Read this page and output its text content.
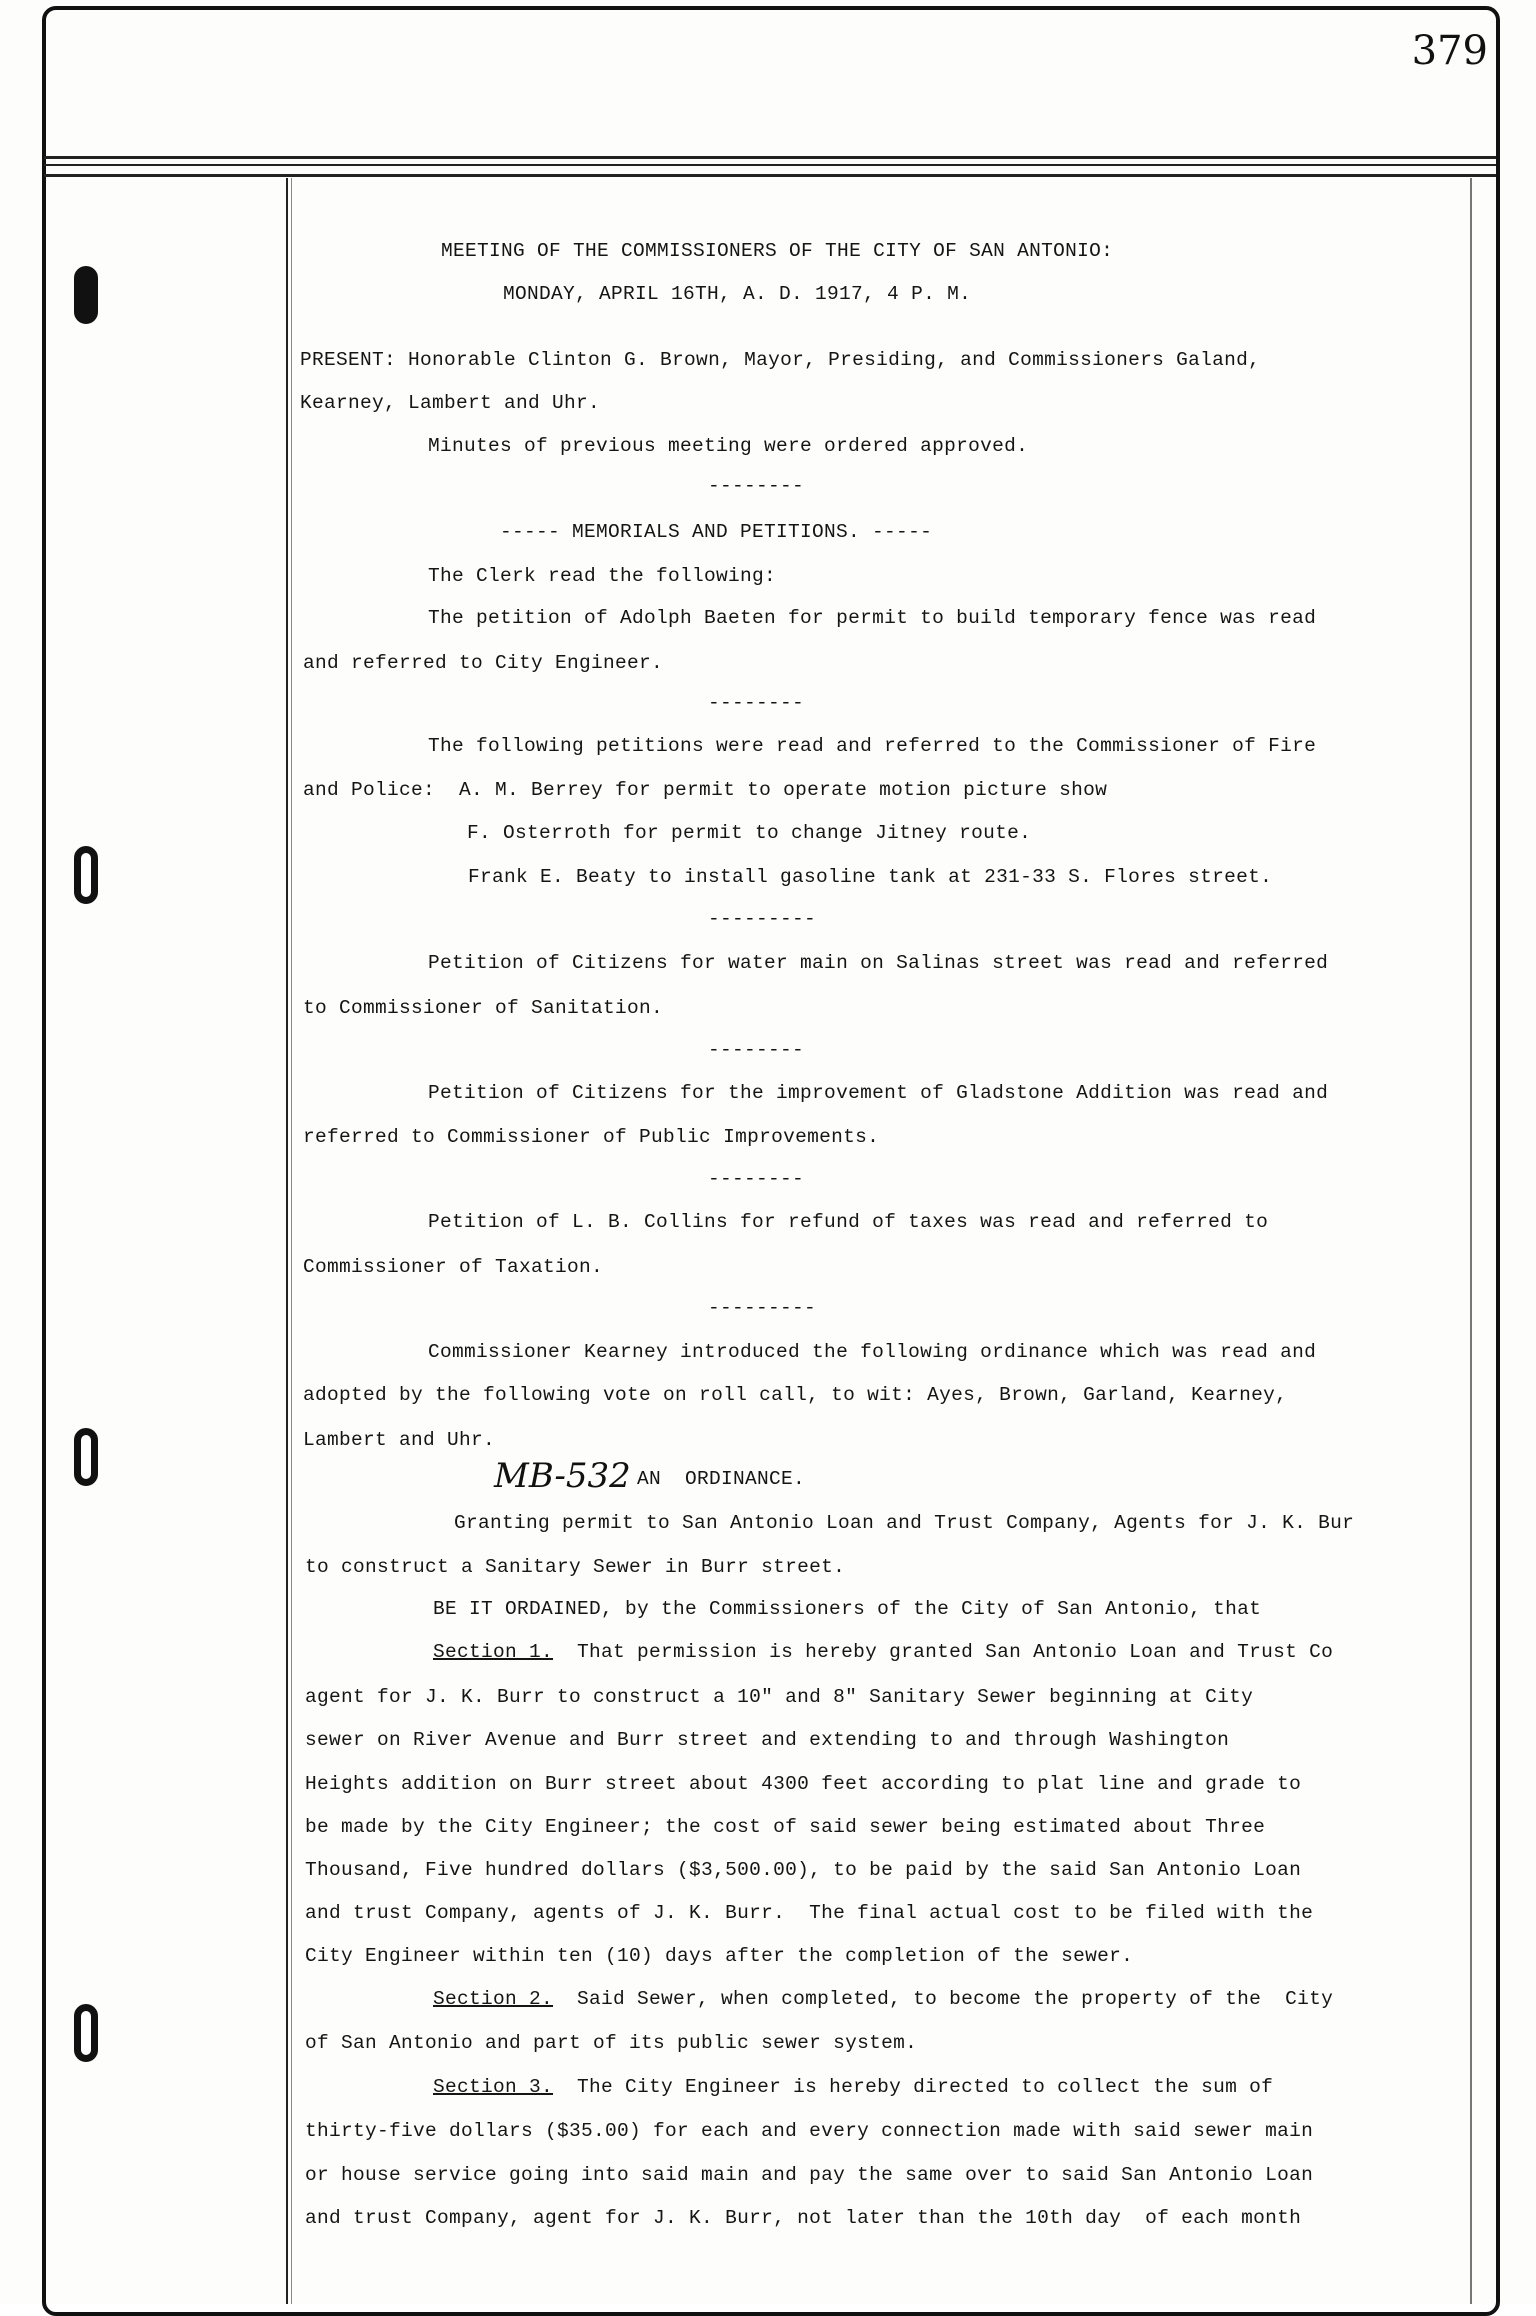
379
MEETING OF THE COMMISSIONERS OF THE CITY OF SAN ANTONIO:
MONDAY, APRIL 16TH, A. D. 1917, 4 P. M.
PRESENT: Honorable Clinton G. Brown, Mayor, Presiding, and Commissioners Galand,
Kearney, Lambert and Uhr.
Minutes of previous meeting were ordered approved.
--------
----- MEMORIALS AND PETITIONS. -----
The Clerk read the following:
The petition of Adolph Baeten for permit to build temporary fence was read
and referred to City Engineer.
--------
The following petitions were read and referred to the Commissioner of Fire
and Police:  A. M. Berrey for permit to operate motion picture show
F. Osterroth for permit to change Jitney route.
Frank E. Beaty to install gasoline tank at 231-33 S. Flores street.
---------
Petition of Citizens for water main on Salinas street was read and referred
to Commissioner of Sanitation.
--------
Petition of Citizens for the improvement of Gladstone Addition was read and
referred to Commissioner of Public Improvements.
--------
Petition of L. B. Collins for refund of taxes was read and referred to
Commissioner of Taxation.
---------
Commissioner Kearney introduced the following ordinance which was read and
adopted by the following vote on roll call, to wit: Ayes, Brown, Garland, Kearney,
Lambert and Uhr.
MB-532 AN  ORDINANCE.
Granting permit to San Antonio Loan and Trust Company, Agents for J. K. Bur
to construct a Sanitary Sewer in Burr street.
BE IT ORDAINED, by the Commissioners of the City of San Antonio, that
Section 1.  That permission is hereby granted San Antonio Loan and Trust Co
agent for J. K. Burr to construct a 10" and 8" Sanitary Sewer beginning at City
sewer on River Avenue and Burr street and extending to and through Washington
Heights addition on Burr street about 4300 feet according to plat line and grade to
be made by the City Engineer; the cost of said sewer being estimated about Three
Thousand, Five hundred dollars ($3,500.00), to be paid by the said San Antonio Loan
and trust Company, agents of J. K. Burr.  The final actual cost to be filed with the
City Engineer within ten (10) days after the completion of the sewer.
Section 2.  Said Sewer, when completed, to become the property of the  City
of San Antonio and part of its public sewer system.
Section 3.  The City Engineer is hereby directed to collect the sum of
thirty-five dollars ($35.00) for each and every connection made with said sewer main
or house service going into said main and pay the same over to said San Antonio Loan
and trust Company, agent for J. K. Burr, not later than the 10th day  of each month
